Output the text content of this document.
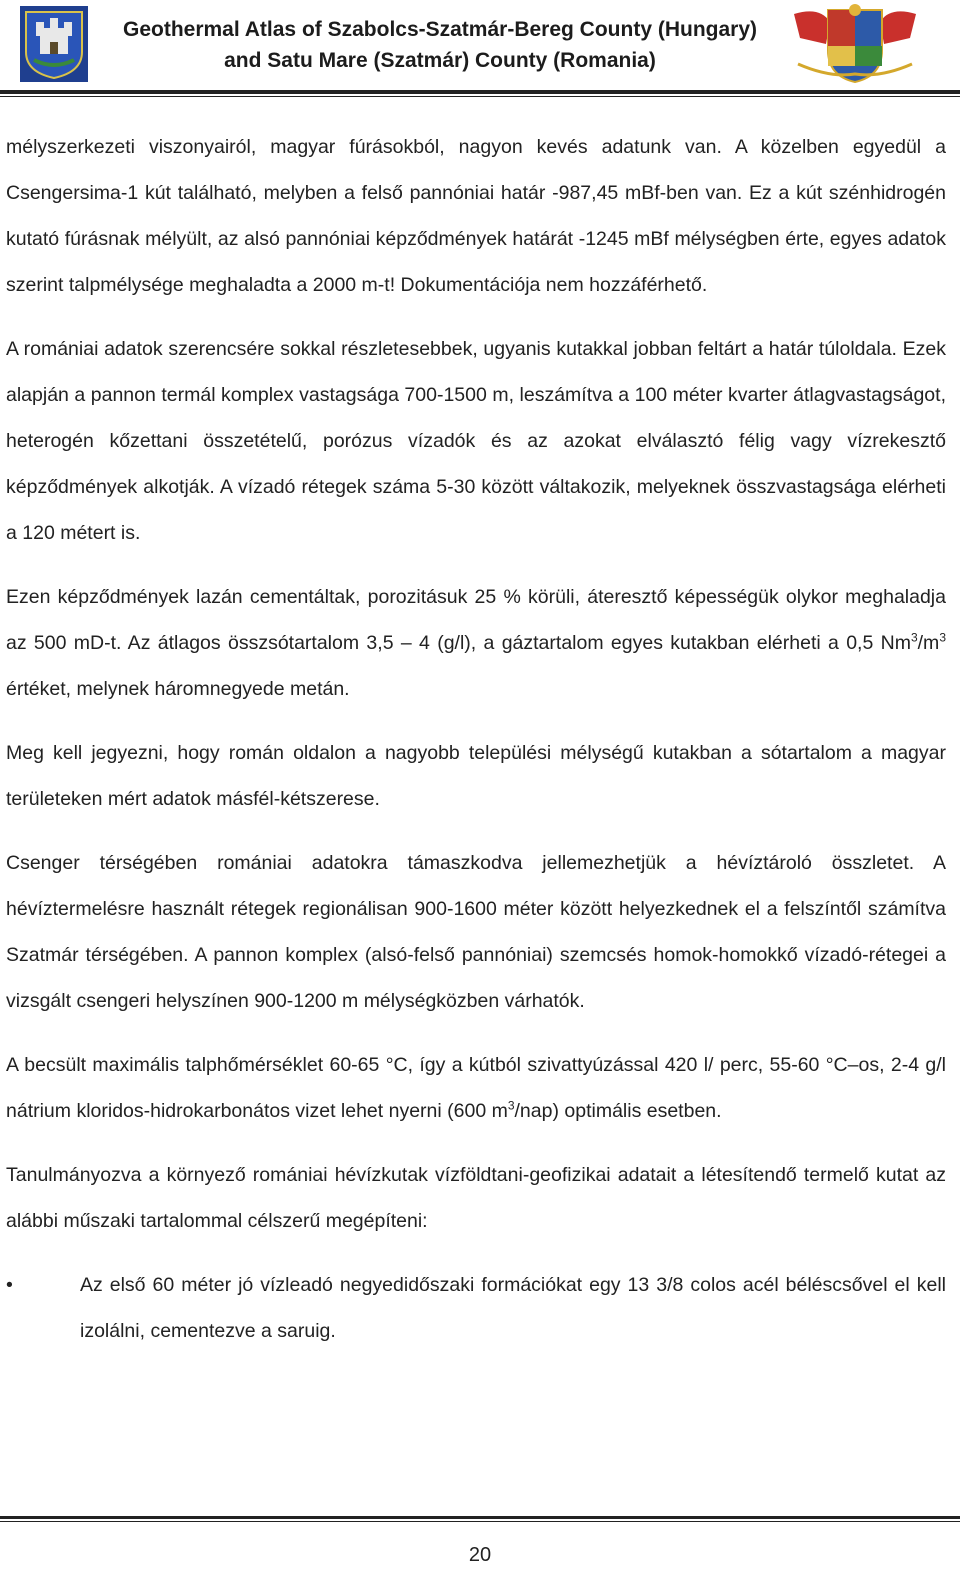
Geothermal Atlas of Szabolcs-Szatmár-Bereg County (Hungary)
and Satu Mare (Szatmár) County (Romania)

mélyszerkezeti viszonyairól, magyar fúrásokból, nagyon kevés adatunk van. A közelben egyedül a Csengersima-1 kút található, melyben a felső pannóniai határ -987,45 mBf-ben van. Ez a kút szénhidrogén kutató fúrásnak mélyült, az alsó pannóniai képződmények határát -1245 mBf mélységben érte, egyes adatok szerint talpmélysége meghaladta a 2000 m-t! Dokumentációja nem hozzáférhető.

A romániai adatok szerencsére sokkal részletesebbek, ugyanis kutakkal jobban feltárt a határ túloldala. Ezek alapján a pannon termál komplex vastagsága 700-1500 m, leszámítva a 100 méter kvarter átlagvastagságot, heterogén kőzettani összetételű, porózus vízadók és az azokat elválasztó félig vagy vízrekesztő képződmények alkotják. A vízadó rétegek száma 5-30 között váltakozik, melyeknek összvastagsága elérheti a 120 métert is.

Ezen képződmények lazán cementáltak, porozitásuk 25 % körüli, áteresztő képességük olykor meghaladja az 500 mD-t. Az átlagos összsótartalom 3,5 – 4 (g/l), a gáztartalom egyes kutakban elérheti a 0,5 $Nm^3/m^3$ értéket, melynek háromnegyede metán.

Meg kell jegyezni, hogy román oldalon a nagyobb települési mélységű kutakban a sótartalom a magyar területeken mért adatok másfél-kétszerese.

Csenger térségében romániai adatokra támaszkodva jellemezhetjük a hévíztároló összletet. A hévíztermelésre használt rétegek regionálisan 900-1600 méter között helyezkednek el a felszíntől számítva Szatmár térségében. A pannon komplex (alsó-felső pannóniai) szemcsés homok-homokkő vízadó-rétegei a vizsgált csengeri helyszínen 900-1200 m mélységközben várhatók.

A becsült maximális talphőmérséklet 60-65 °C, így a kútból szivattyúzással 420 l/ perc, 55-60 °C–os, 2-4 g/l nátrium kloridos-hidrokarbonátos vizet lehet nyerni (600 $m^3/nap$) optimális esetben.

Tanulmányozva a környező romániai hévízkutak vízföldtani-geofizikai adatait a létesítendő termelő kutat az alábbi műszaki tartalommal célszerű megépíteni:

•	Az első 60 méter jó vízleadó negyedidőszaki formációkat egy 13 3/8 colos acél béléscsővel el kell izolálni, cementezve a saruig.
20
